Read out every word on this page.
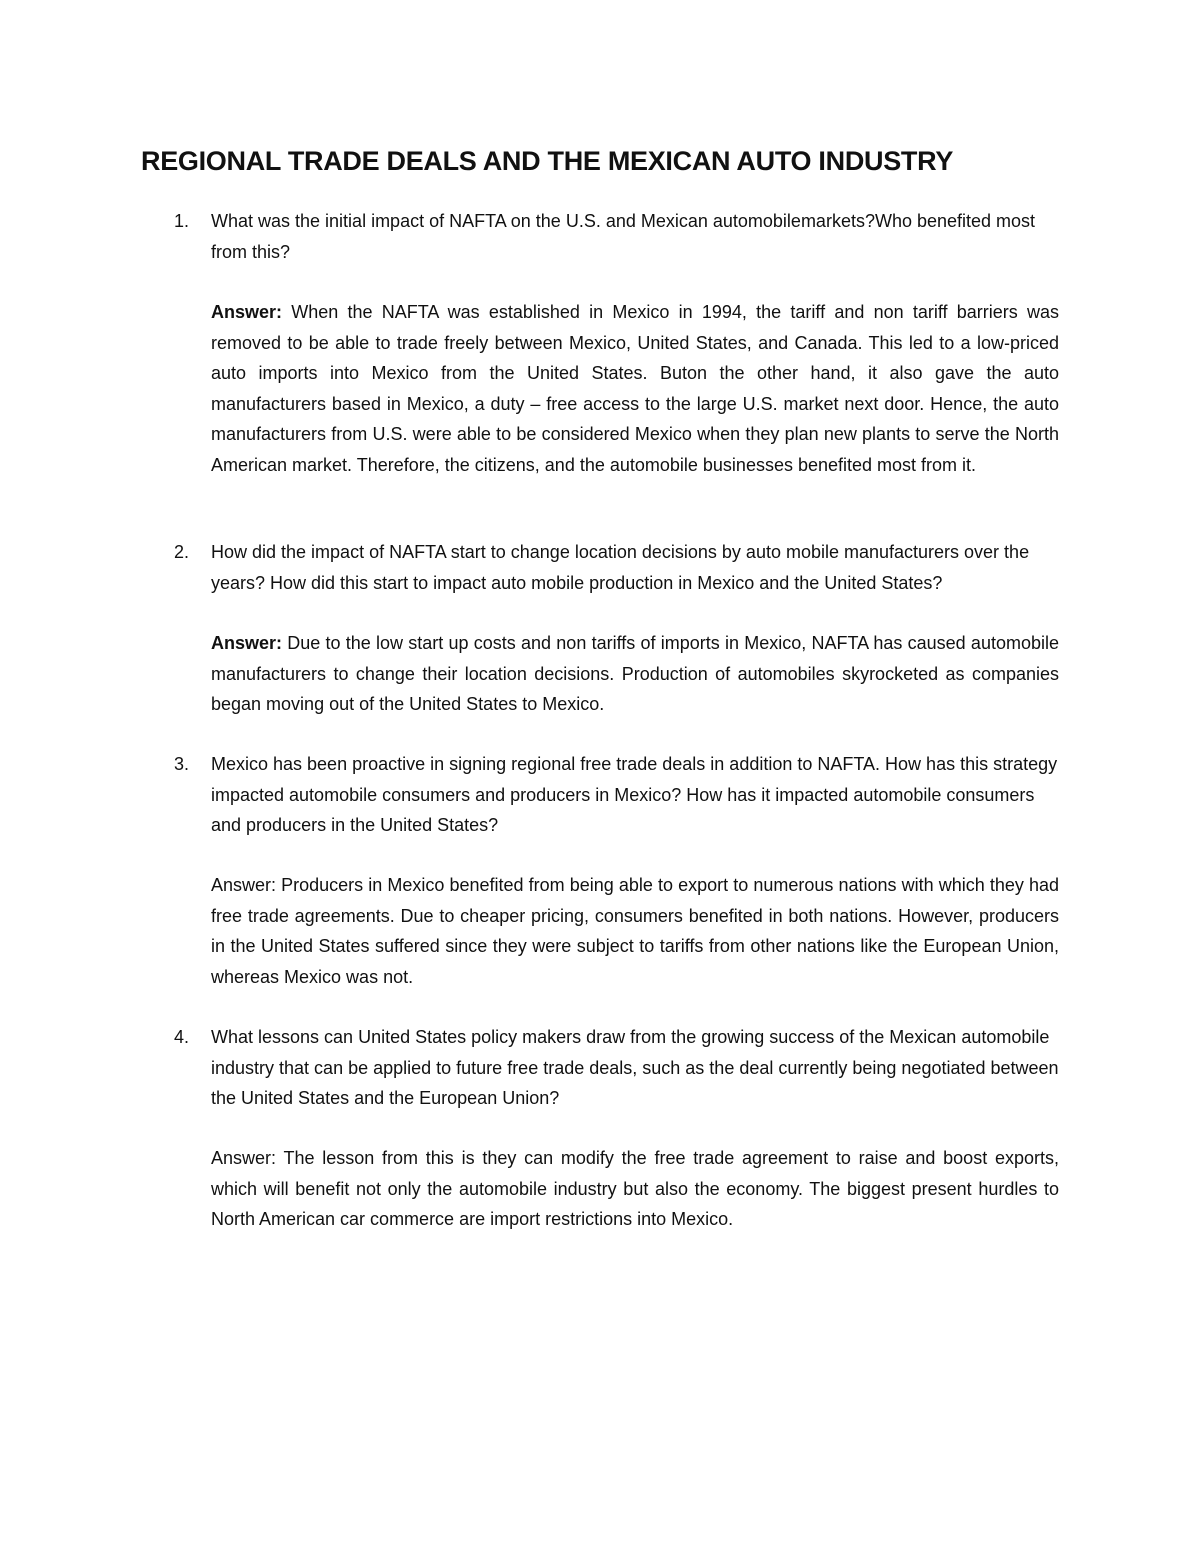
REGIONAL TRADE DEALS AND THE MEXICAN AUTO INDUSTRY
1. What was the initial impact of NAFTA on the U.S. and Mexican automobilemarkets?Who benefited most from this?

Answer: When the NAFTA was established in Mexico in 1994, the tariff and non tariff barriers was removed to be able to trade freely between Mexico, United States, and Canada. This led to a low-priced auto imports into Mexico from the United States. Buton the other hand, it also gave the auto manufacturers based in Mexico, a duty – free access to the large U.S. market next door. Hence, the auto manufacturers from U.S. were able to be considered Mexico when they plan new plants to serve the North American market. Therefore, the citizens, and the automobile businesses benefited most from it.

2. How did the impact of NAFTA start to change location decisions by auto mobile manufacturers over the years? How did this start to impact auto mobile production in Mexico and the United States?

Answer: Due to the low start up costs and non tariffs of imports in Mexico, NAFTA has caused automobile manufacturers to change their location decisions. Production of automobiles skyrocketed as companies began moving out of the United States to Mexico.

3. Mexico has been proactive in signing regional free trade deals in addition to NAFTA. How has this strategy impacted automobile consumers and producers in Mexico? How has it impacted automobile consumers and producers in the United States?

Answer: Producers in Mexico benefited from being able to export to numerous nations with which they had free trade agreements. Due to cheaper pricing, consumers benefited in both nations. However, producers in the United States suffered since they were subject to tariffs from other nations like the European Union, whereas Mexico was not.

4. What lessons can United States policy makers draw from the growing success of the Mexican automobile industry that can be applied to future free trade deals, such as the deal currently being negotiated between the United States and the European Union?

Answer: The lesson from this is they can modify the free trade agreement to raise and boost exports, which will benefit not only the automobile industry but also the economy. The biggest present hurdles to North American car commerce are import restrictions into Mexico.
